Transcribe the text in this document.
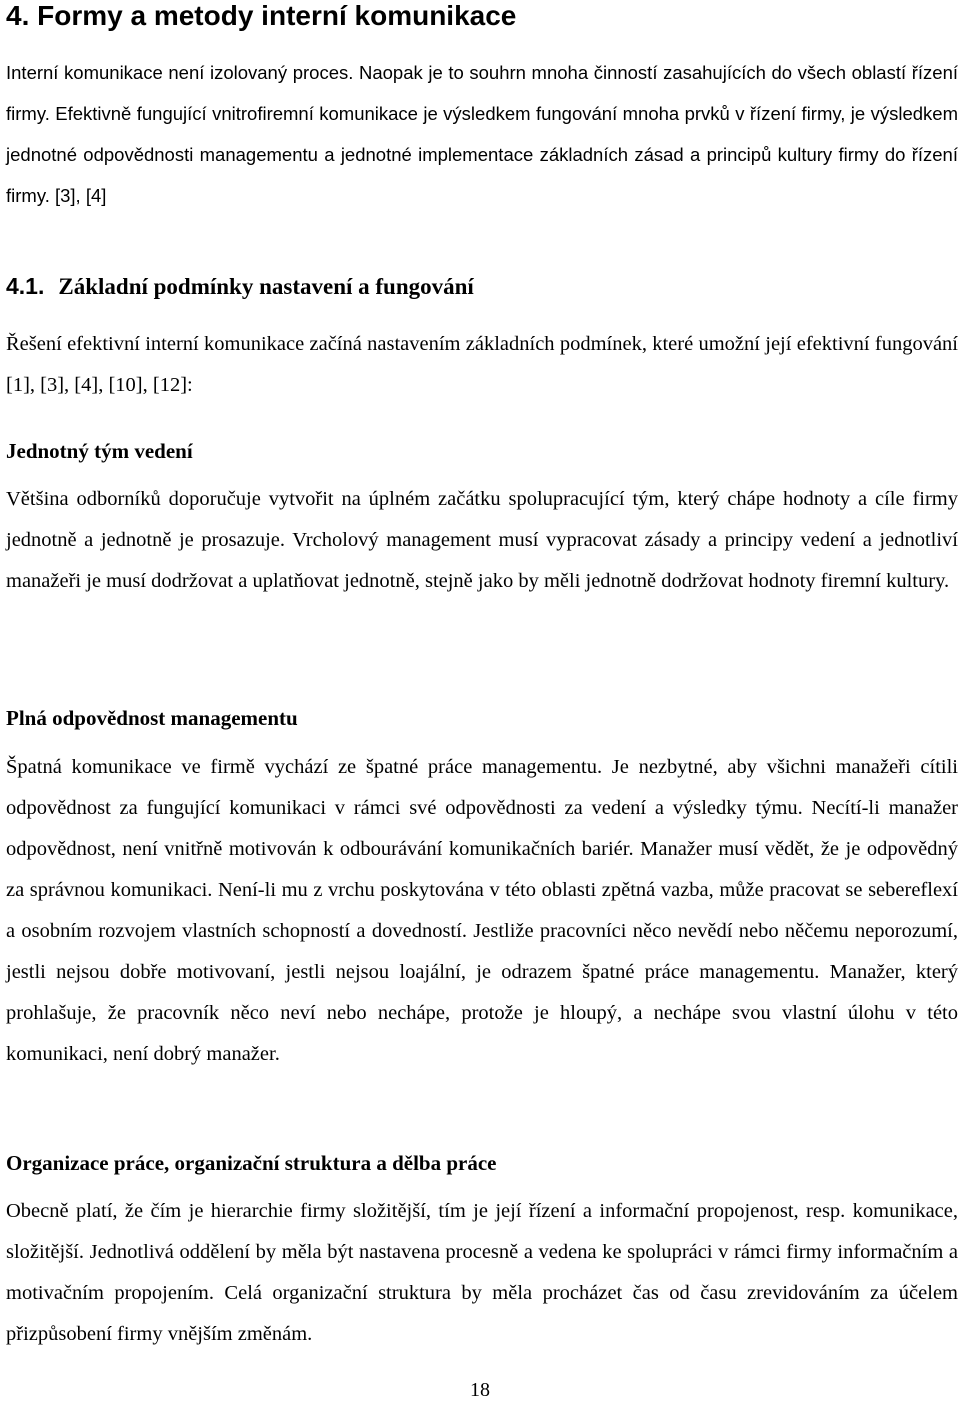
4. Formy a metody interní komunikace

Interní komunikace není izolovaný proces. Naopak je to souhrn mnoha činností zasahujících do všech oblastí řízení firmy. Efektivně fungující vnitrofiremní komunikace je výsledkem fungování mnoha prvků v řízení firmy, je výsledkem jednotné odpovědnosti managementu a jednotné implementace základních zásad a principů kultury firmy do řízení firmy. [3], [4]

4.1. Základní podmínky nastavení a fungování

Řešení efektivní interní komunikace začíná nastavením základních podmínek, které umožní její efektivní fungování [1], [3], [4], [10], [12]:

Jednotný tým vedení

Většina odborníků doporučuje vytvořit na úplném začátku spolupracující tým, který chápe hodnoty a cíle firmy jednotně a jednotně je prosazuje. Vrcholový management musí vypracovat zásady a principy vedení a jednotliví manažeři je musí dodržovat a uplatňovat jednotně, stejně jako by měli jednotně dodržovat hodnoty firemní kultury.

Plná odpovědnost managementu

Špatná komunikace ve firmě vychází ze špatné práce managementu. Je nezbytné, aby všichni manažeři cítili odpovědnost za fungující komunikaci v rámci své odpovědnosti za vedení a výsledky týmu. Necítí-li manažer odpovědnost, není vnitřně motivován k odbourávání komunikačních bariér. Manažer musí vědět, že je odpovědný za správnou komunikaci. Není-li mu z vrchu poskytována v této oblasti zpětná vazba, může pracovat se sebereflexí a osobním rozvojem vlastních schopností a dovedností. Jestliže pracovníci něco nevědí nebo něčemu neporozumí, jestli nejsou dobře motivovaní, jestli nejsou loajální, je odrazem špatné práce managementu. Manažer, který prohlašuje, že pracovník něco neví nebo nechápe, protože je hloupý, a nechápe svou vlastní úlohu v této komunikaci, není dobrý manažer.

Organizace práce, organizační struktura a dělba práce

Obecně platí, že čím je hierarchie firmy složitější, tím je její řízení a informační propojenost, resp. komunikace, složitější. Jednotlivá oddělení by měla být nastavena procesně a vedena ke spolupráci v rámci firmy informačním a motivačním propojením. Celá organizační struktura by měla procházet čas od času zrevidováním za účelem přizpůsobení firmy vnějším změnám.

18
